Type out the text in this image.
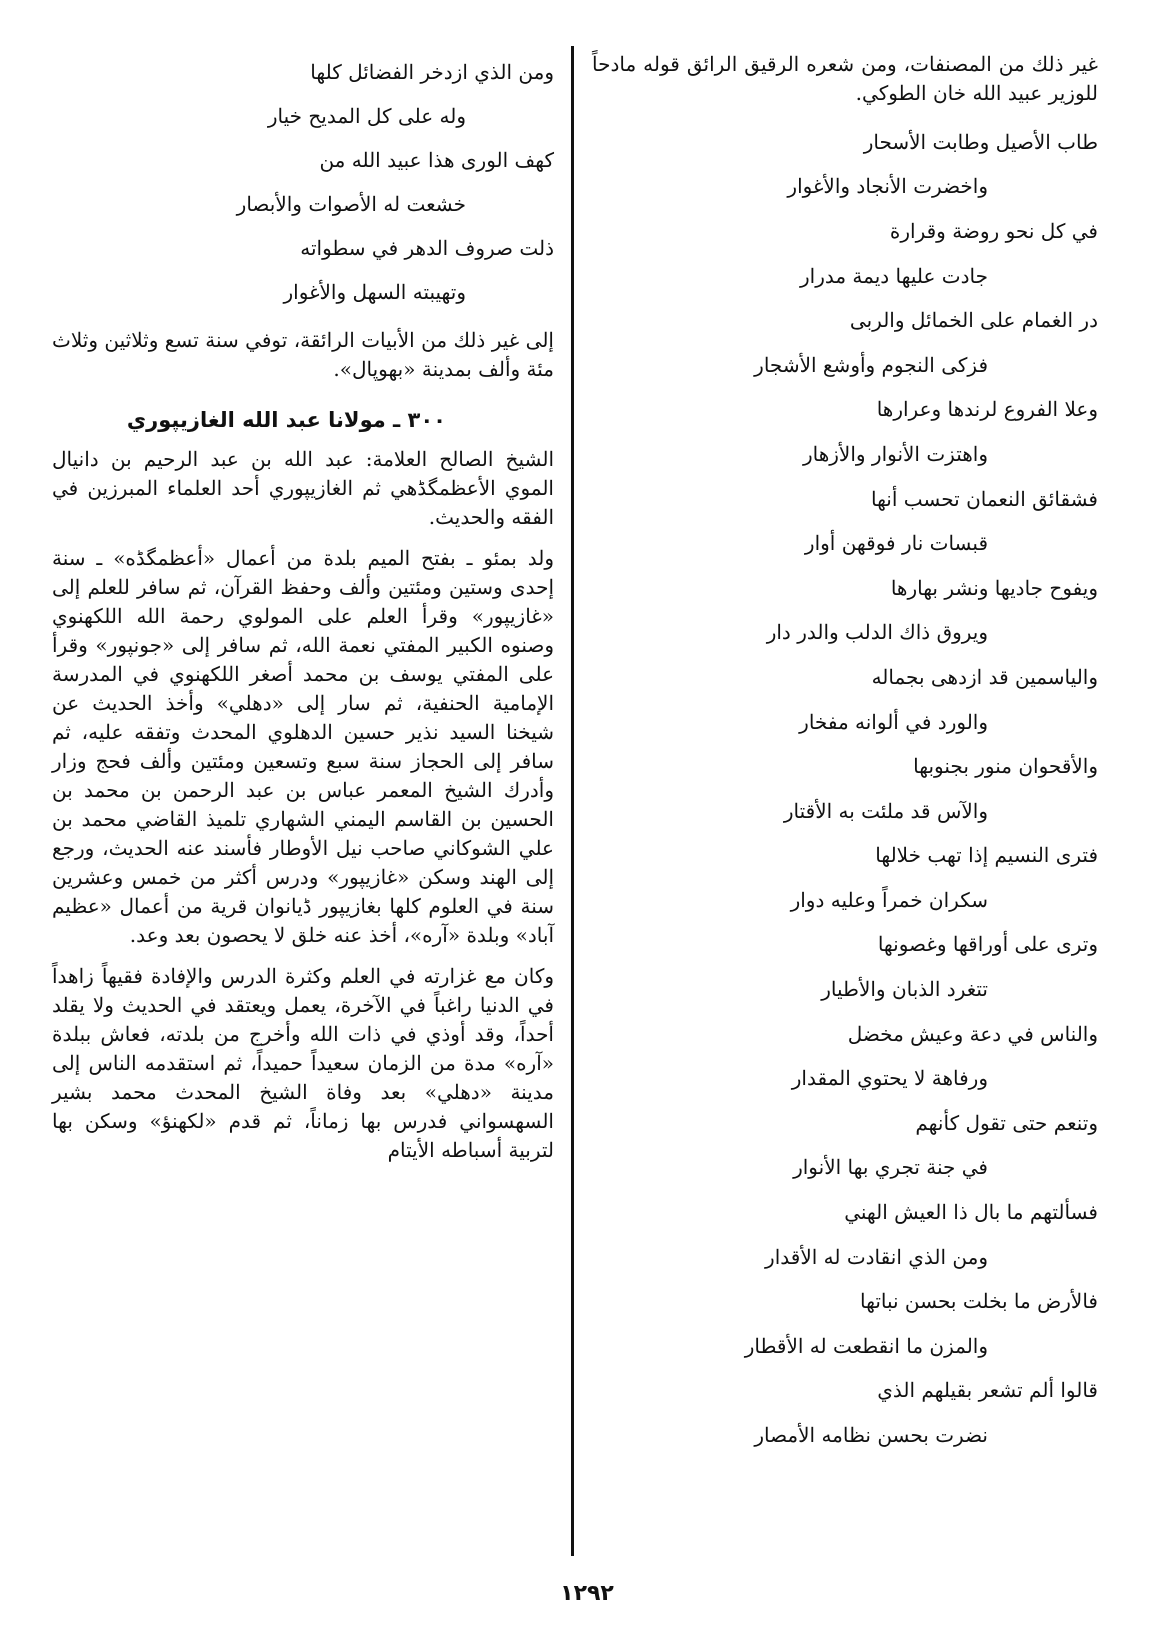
غير ذلك من المصنفات، ومن شعره الرقيق الرائق قوله مادحاً للوزير عبيد الله خان الطوكي.

طاب الأصيل وطابت الأسحار
واخضرت الأنجاد والأغوار
في كل نحو روضة وقرارة
جادت عليها ديمة مدرار
در الغمام على الخمائل والربى
فزكى النجوم وأوشع الأشجار
وعلا الفروع لرندها وعرارها
واهتزت الأنوار والأزهار
فشقائق النعمان تحسب أنها
قبسات نار فوقهن أوار
ويفوح جاديها ونشر بهارها
ويروق ذاك الدلب والدر دار
والياسمين قد ازدهى بجماله
والورد في ألوانه مفخار
والأقحوان منور بجنوبها
والآس قد ملئت به الأقتار
فترى النسيم إذا تهب خلالها
سكران خمراً وعليه دوار
وترى على أوراقها وغصونها
تتغرد الذبان والأطيار
والناس في دعة وعيش مخضل
ورفاهة لا يحتوي المقدار
وتنعم حتى تقول كأنهم
في جنة تجري بها الأنوار
فسألتهم ما بال ذا العيش الهني
ومن الذي انقادت له الأقدار
فالأرض ما بخلت بحسن نباتها
والمزن ما انقطعت له الأقطار
قالوا ألم تشعر بقيلهم الذي
نضرت بحسن نظامه الأمصار
ومن الذي ازدخر الفضائل كلها
وله على كل المديح خيار
كهف الورى هذا عبيد الله من
خشعت له الأصوات والأبصار
ذلت صروف الدهر في سطواته
وتهيبته السهل والأغوار

إلى غير ذلك من الأبيات الرائقة، توفي سنة تسع وثلاثين وثلاث مئة وألف بمدينة «بهوپال».

٣٠٠ ـ مولانا عبد الله الغازيپوري

الشيخ الصالح العلامة: عبد الله بن عبد الرحيم بن دانيال الموي الأعظمگڈهي ثم الغازيپوري أحد العلماء المبرزين في الفقه والحديث.

ولد بمئو ـ بفتح الميم بلدة من أعمال «أعظمگڈه» ـ سنة إحدى وستين ومئتين وألف وحفظ القرآن، ثم سافر للعلم إلى «غازيپور» وقرأ العلم على المولوي رحمة الله اللكهنوي وصنوه الكبير المفتي نعمة الله، ثم سافر إلى «جونپور» وقرأ على المفتي يوسف بن محمد أصغر اللكهنوي في المدرسة الإمامية الحنفية، ثم سار إلى «دهلي» وأخذ الحديث عن شيخنا السيد نذير حسين الدهلوي المحدث وتفقه عليه، ثم سافر إلى الحجاز سنة سبع وتسعين ومئتين وألف فحج وزار وأدرك الشيخ المعمر عباس بن عبد الرحمن بن محمد بن الحسين بن القاسم اليمني الشهاري تلميذ القاضي محمد بن علي الشوكاني صاحب نيل الأوطار فأسند عنه الحديث، ورجع إلى الهند وسكن «غازيپور» ودرس أكثر من خمس وعشرين سنة في العلوم كلها بغازيپور ڈيانوان قرية من أعمال «عظيم آباد» وبلدة «آره»، أخذ عنه خلق لا يحصون بعد وعد.

وكان مع غزارته في العلم وكثرة الدرس والإفادة فقيهاً زاهداً في الدنيا راغباً في الآخرة، يعمل ويعتقد في الحديث ولا يقلد أحداً، وقد أوذي في ذات الله وأخرج من بلدته، فعاش ببلدة «آره» مدة من الزمان سعيداً حميداً، ثم استقدمه الناس إلى مدينة «دهلي» بعد وفاة الشيخ المحدث محمد بشير السهسواني فدرس بها زماناً، ثم قدم «لكهنؤ» وسكن بها لتربية أسباطه الأيتام

١٢٩٢
